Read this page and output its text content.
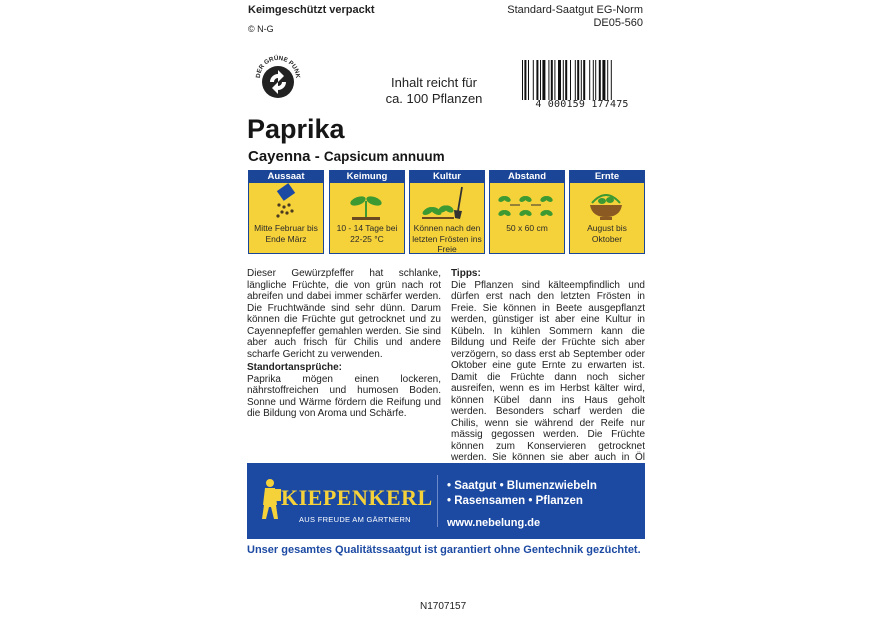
Keimgeschützt verpackt	Standard-Saatgut EG-Norm
DE05-560
© N-G
DER GRÜNE PUNK	Inhalt reicht für
ca. 100 Pflanzen	4 000159 177475
Paprika
Cayenna - Capsicum annuum
Aussaat
Mitte Februar bis Ende März
Keimung
10 - 14 Tage bei 22-25 °C
Kultur
Können nach den letzten Frösten ins Freie
Abstand
50 x 60 cm
Ernte
August bis Oktober
Dieser Gewürzpfeffer hat schlanke, längliche Früchte, die von grün nach rot abreifen und dabei immer schärfer werden. Die Fruchtwände sind sehr dünn. Darum können die Früchte gut getrocknet und zu Cayennepfeffer gemahlen werden. Sie sind aber auch frisch für Chilis und andere scharfe Gericht zu verwenden.
Standortansprüche:
Paprika mögen einen lockeren, nährstoffreichen und humosen Boden. Sonne und Wärme fördern die Reifung und die Bildung von Aroma und Schärfe.
Tipps:
Die Pflanzen sind kälteempfindlich und dürfen erst nach den letzten Frösten in Freie. Sie können in Beete ausgepflanzt werden, günstiger ist aber eine Kultur in Kübeln. In kühlen Sommern kann die Bildung und Reife der Früchte sich aber verzögern, so dass erst ab September oder Oktober eine gute Ernte zu erwarten ist. Damit die Früchte dann noch sicher ausreifen, wenn es im Herbst kälter wird, können Kübel dann ins Haus geholt werden. Besonders scharf werden die Chilis, wenn sie während der Reife nur mässig gegossen werden. Die Früchte können zum Konservieren getrocknet werden. Sie können sie aber auch in Öl
KIEPENKERL
AUS FREUDE AM GÄRTNERN
• Saatgut • Blumenzwiebeln
• Rasensamen • Pflanzen
www.nebelung.de
Unser gesamtes Qualitätssaatgut ist garantiert ohne Gentechnik gezüchtet.
N1707157
